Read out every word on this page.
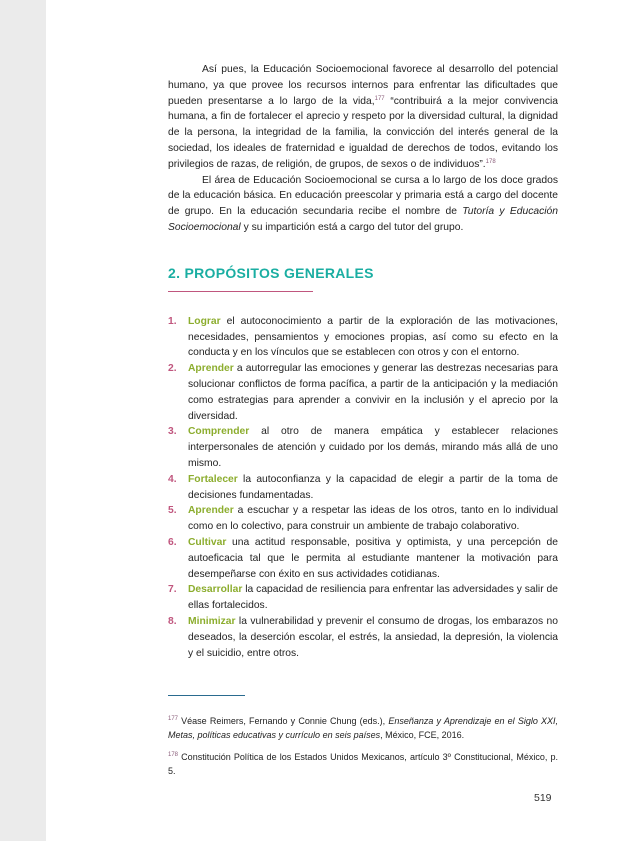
Así pues, la Educación Socioemocional favorece al desarrollo del potencial humano, ya que provee los recursos internos para enfrentar las dificultades que pueden presentarse a lo largo de la vida,$^{177}$ “contribuirá a la mejor convivencia humana, a fin de fortalecer el aprecio y respeto por la diversidad cultural, la dignidad de la persona, la integridad de la familia, la convicción del interés general de la sociedad, los ideales de fraternidad e igualdad de derechos de todos, evitando los privilegios de razas, de religión, de grupos, de sexos o de individuos”.$^{178}$

El área de Educación Socioemocional se cursa a lo largo de los doce grados de la educación básica. En educación preescolar y primaria está a cargo del docente de grupo. En la educación secundaria recibe el nombre de Tutoría y Educación Socioemocional y su impartición está a cargo del tutor del grupo.

2. PROPÓSITOS GENERALES
1. Lograr el autoconocimiento a partir de la exploración de las motivaciones, necesidades, pensamientos y emociones propias, así como su efecto en la conducta y en los vínculos que se establecen con otros y con el entorno.
2. Aprender a autorregular las emociones y generar las destrezas necesarias para solucionar conflictos de forma pacífica, a partir de la anticipación y la mediación como estrategias para aprender a convivir en la inclusión y el aprecio por la diversidad.
3. Comprender al otro de manera empática y establecer relaciones interpersonales de atención y cuidado por los demás, mirando más allá de uno mismo.
4. Fortalecer la autoconfianza y la capacidad de elegir a partir de la toma de decisiones fundamentadas.
5. Aprender a escuchar y a respetar las ideas de los otros, tanto en lo individual como en lo colectivo, para construir un ambiente de trabajo colaborativo.
6. Cultivar una actitud responsable, positiva y optimista, y una percepción de autoeficacia tal que le permita al estudiante mantener la motivación para desempeñarse con éxito en sus actividades cotidianas.
7. Desarrollar la capacidad de resiliencia para enfrentar las adversidades y salir de ellas fortalecidos.
8. Minimizar la vulnerabilidad y prevenir el consumo de drogas, los embarazos no deseados, la deserción escolar, el estrés, la ansiedad, la depresión, la violencia y el suicidio, entre otros.

$^{177}$ Véase Reimers, Fernando y Connie Chung (eds.), Enseñanza y Aprendizaje en el Siglo XXI, Metas, políticas educativas y currículo en seis países, México, FCE, 2016.

$^{178}$ Constitución Política de los Estados Unidos Mexicanos, artículo 3º Constitucional, México, p. 5.

519
